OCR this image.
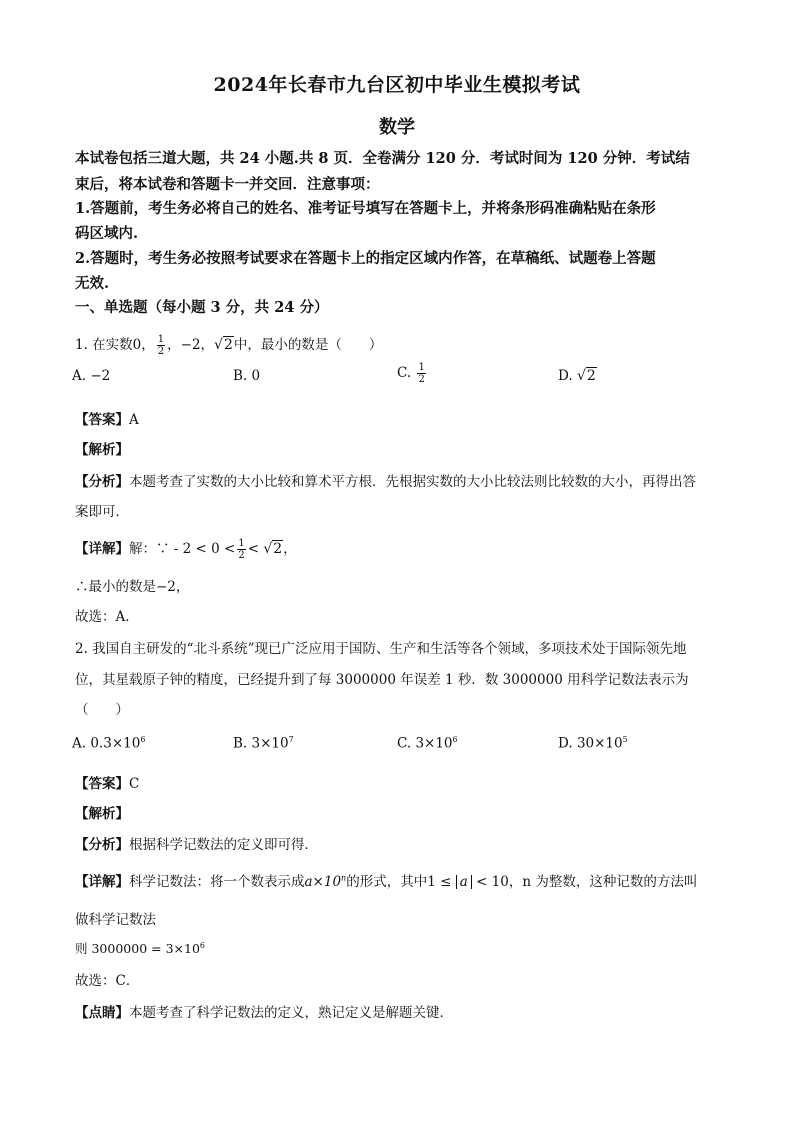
2024年长春市九台区初中毕业生模拟考试
数学
本试卷包括三道大题，共 24 小题.共 8 页．全卷满分 120 分．考试时间为 120 分钟．考试结
束后，将本试卷和答题卡一并交回．注意事项：
1.答题前，考生务必将自己的姓名、准考证号填写在答题卡上，并将条形码准确粘贴在条形
码区域内.
2.答题时，考生务必按照考试要求在答题卡上的指定区域内作答，在草稿纸、试题卷上答题
无效.
一、单选题（每小题 3 分，共 24 分）
1. 在实数0， $\frac{1}{2}$ ，−2，√2中，最小的数是（　　）
A. −2	B. 0	C. $\frac{1}{2}$	D. √2
【答案】A
【解析】
【分析】本题考查了实数的大小比较和算术平方根．先根据实数的大小比较法则比较数的大小，再得出答
案即可．
【详解】解：∵ - $2 < 0 < \frac{1}{2} < √2$，
∴最小的数是−2，
故选：A．
2. 我国自主研发的“北斗系统”现已广泛应用于国防、生产和生活等各个领域，多项技术处于国际领先地
位，其星载原子钟的精度，已经提升到了每 3000000 年误差 1 秒．数 3000000 用科学记数法表示为
（　　）
A. $0.3\times 10^6$	B. $3\times 10^7$	C. $3\times 10^6$	D. $30\times 10^5$
【答案】C
【解析】
【分析】根据科学记数法的定义即可得．
【详解】科学记数法：将一个数表示成$a\times 10^n$的形式，其中1 ≤ a < 10，n 为整数，这种记数的方法叫
做科学记数法
则 $3000000 = 3\times 10^6$
故选：C．
【点睛】本题考查了科学记数法的定义，熟记定义是解题关键．
